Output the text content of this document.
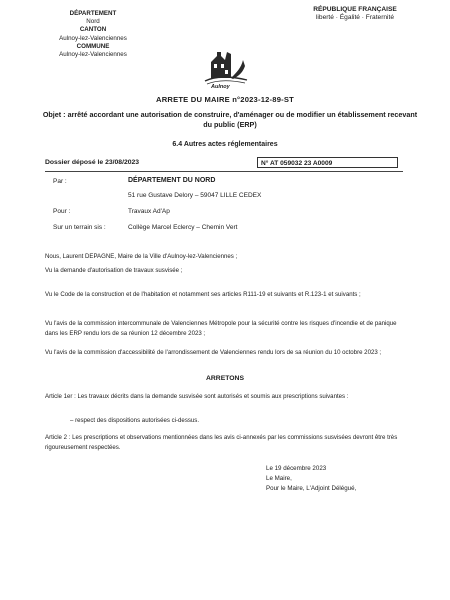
DÉPARTEMENT
Nord
CANTON
Aulnoy-lez-Valenciennes
COMMUNE
Aulnoy-lez-Valenciennes
RÉPUBLIQUE FRANÇAISE
liberté · Égalité · Fraternité
Aulnoy
ARRETE DU MAIRE n°2023-12-89-ST
Objet : arrêté accordant une autorisation de construire, d'aménager ou de modifier un établissement recevant du public (ERP)
6.4 Autres actes réglementaires
Dossier déposé le 23/08/2023	N° AT 059032 23 A0009
Par :	DÉPARTEMENT DU NORD
51 rue Gustave Delory – 59047 LILLE CEDEX
Pour :	Travaux Ad'Ap
Sur un terrain sis :	Collège Marcel Eclercy – Chemin Vert
Nous, Laurent DEPAGNE, Maire de la Ville d'Aulnoy-lez-Valenciennes ;
Vu la demande d'autorisation de travaux susvisée ;
Vu le Code de la construction et de l'habitation et notamment ses articles R111-19 et suivants et R.123-1 et suivants ;
Vu l'avis de la commission intercommunale de Valenciennes Métropole pour la sécurité contre les risques d'incendie et de panique dans les ERP rendu lors de sa réunion 12 décembre 2023 ;
Vu l'avis de la commission d'accessibilité de l'arrondissement de Valenciennes rendu lors de sa réunion du 10 octobre 2023 ;
ARRETONS
Article 1er : Les travaux décrits dans la demande susvisée sont autorisés et soumis aux prescriptions suivantes :
– respect des dispositions autorisées ci-dessus.
Article 2 : Les prescriptions et observations mentionnées dans les avis ci-annexés par les commissions susvisées devront être très rigoureusement respectées.
Le 19 décembre 2023
Le Maire,
Pour le Maire, L'Adjoint Délégué,
